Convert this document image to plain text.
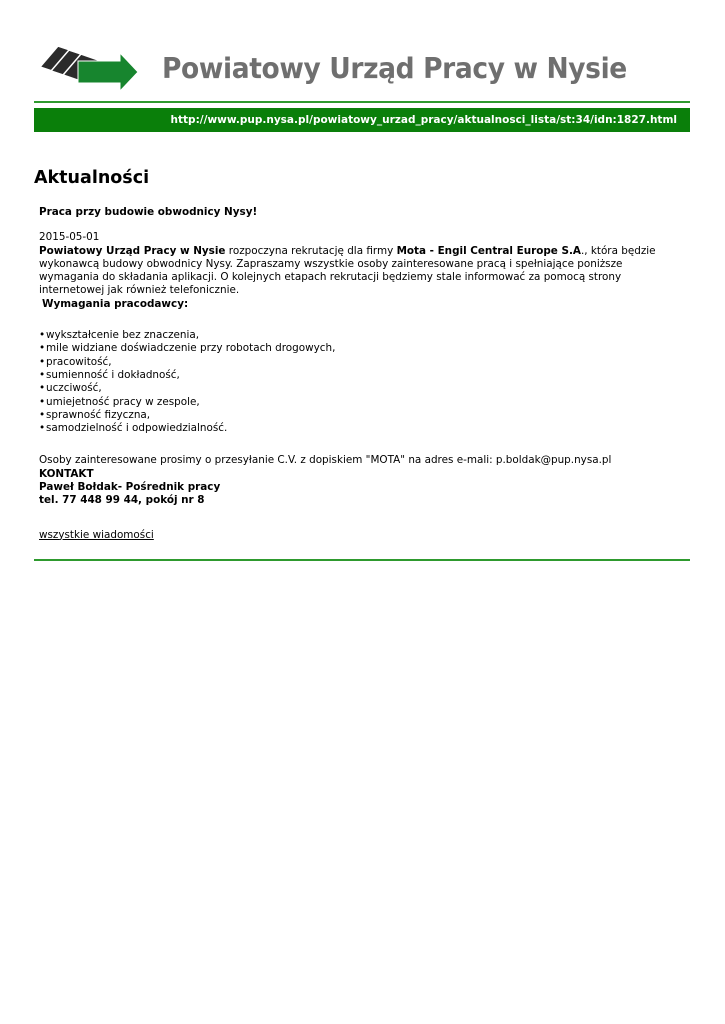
Powiatowy Urząd Pracy w Nysie
http://www.pup.nysa.pl/powiatowy_urzad_pracy/aktualnosci_lista/st:34/idn:1827.html
Aktualności

Praca przy budowie obwodnicy Nysy!

2015-05-01

Powiatowy Urząd Pracy w Nysie rozpoczyna rekrutację dla firmy Mota - Engil Central Europe S.A., która będzie wykonawcą budowy obwodnicy Nysy. Zapraszamy wszystkie osoby zainteresowane pracą i spełniające poniższe wymagania do składania aplikacji. O kolejnych etapach rekrutacji będziemy stale informować za pomocą strony internetowej jak również telefonicznie.

Wymagania pracodawcy:

•wykształcenie bez znaczenia,
•mile widziane doświadczenie przy robotach drogowych,
•pracowitość,
•sumienność i dokładność,
•uczciwość,
•umiejetność pracy w zespole,
•sprawność fizyczna,
•samodzielność i odpowiedzialność.
Osoby zainteresowane prosimy o przesyłanie C.V. z dopiskiem "MOTA" na adres e-mali: p.boldak@pup.nysa.pl
KONTAKT
Paweł Bołdak- Pośrednik pracy
tel. 77 448 99 44, pokój nr 8
wszystkie wiadomości
